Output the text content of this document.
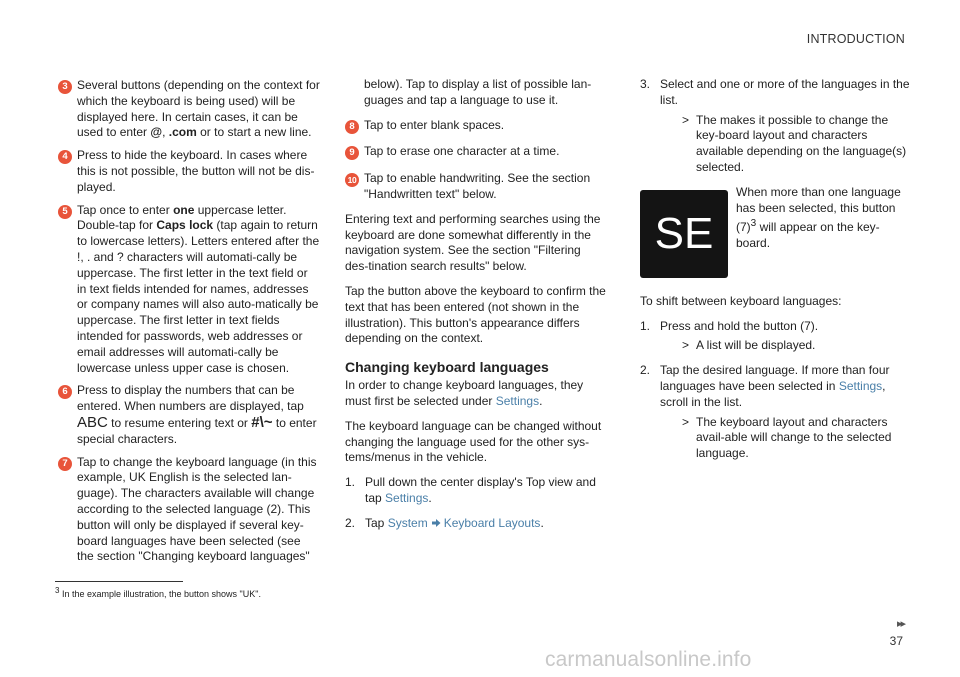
INTRODUCTION
3 Several buttons (depending on the context for which the keyboard is being used) will be displayed here. In certain cases, it can be used to enter @, .com or to start a new line.
4 Press to hide the keyboard. In cases where this is not possible, the button will not be dis-played.
5 Tap once to enter one uppercase letter. Double-tap for Caps lock (tap again to return to lowercase letters). Letters entered after the !, . and ? characters will automati-cally be uppercase. The first letter in the text field or in text fields intended for names, addresses or company names will also auto-matically be uppercase. The first letter in text fields intended for passwords, web addresses or email addresses will automati-cally be lowercase unless upper case is chosen.
6 Press to display the numbers that can be entered. When numbers are displayed, tap ABC to resume entering text or #\~ to enter special characters.
7 Tap to change the keyboard language (in this example, UK English is the selected lan-guage). The characters available will change according to the selected language (2). This button will only be displayed if several key-board languages have been selected (see the section "Changing keyboard languages"
below). Tap to display a list of possible lan-guages and tap a language to use it.
8 Tap to enter blank spaces.
9 Tap to erase one character at a time.
10 Tap to enable handwriting. See the section "Handwritten text" below.

Entering text and performing searches using the keyboard are done somewhat differently in the navigation system. See the section "Filtering des-tination search results" below.

Tap the button above the keyboard to confirm the text that has been entered (not shown in the illustration). This button's appearance differs depending on the context.

Changing keyboard languages

In order to change keyboard languages, they must first be selected under Settings.

The keyboard language can be changed without changing the language used for the other sys-tems/menus in the vehicle.

1. Pull down the center display's Top view and tap Settings.
2. Tap System Keyboard Layouts.
3. Select and one or more of the languages in the list.
> The makes it possible to change the key-board layout and characters available depending on the language(s) selected.
SE
When more than one language has been selected, this button $(7)^3$ will appear on the key-board.

To shift between keyboard languages:

1. Press and hold the button (7).
> A list will be displayed.
2. Tap the desired language. If more than four languages have been selected in Settings, scroll in the list.
> The keyboard layout and characters avail-able will change to the selected language.
$^3$ In the example illustration, the button shows "UK".
▸▸
37
carmanualsonline.info
